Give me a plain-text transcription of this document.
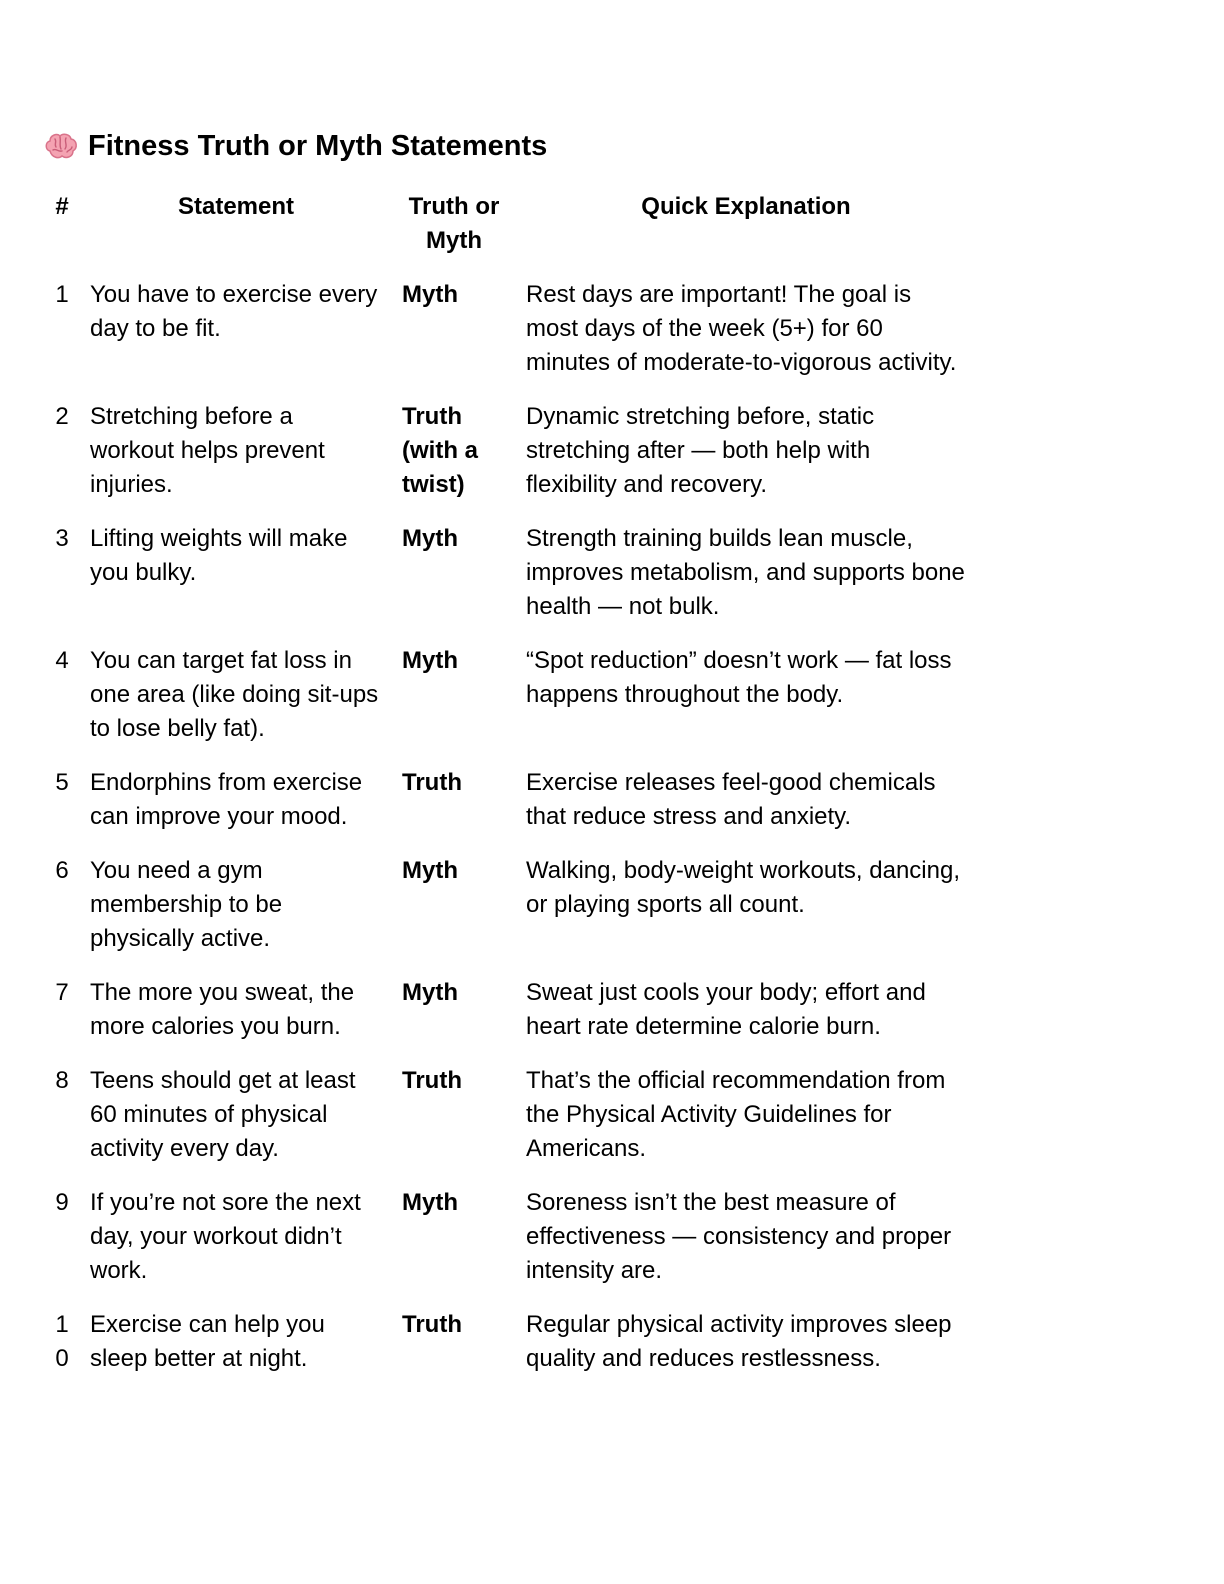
Fitness Truth or Myth Statements
#	Statement	Truth or Myth	Quick Explanation
1	You have to exercise every day to be fit.	Myth	Rest days are important! The goal is most days of the week (5+) for 60 minutes of moderate-to-vigorous activity.
2	Stretching before a workout helps prevent injuries.	Truth (with a twist)	Dynamic stretching before, static stretching after — both help with flexibility and recovery.
3	Lifting weights will make you bulky.	Myth	Strength training builds lean muscle, improves metabolism, and supports bone health — not bulk.
4	You can target fat loss in one area (like doing sit-ups to lose belly fat).	Myth	“Spot reduction” doesn’t work — fat loss happens throughout the body.
5	Endorphins from exercise can improve your mood.	Truth	Exercise releases feel-good chemicals that reduce stress and anxiety.
6	You need a gym membership to be physically active.	Myth	Walking, body-weight workouts, dancing, or playing sports all count.
7	The more you sweat, the more calories you burn.	Myth	Sweat just cools your body; effort and heart rate determine calorie burn.
8	Teens should get at least 60 minutes of physical activity every day.	Truth	That’s the official recommendation from the Physical Activity Guidelines for Americans.
9	If you’re not sore the next day, your workout didn’t work.	Myth	Soreness isn’t the best measure of effectiveness — consistency and proper intensity are.
10	Exercise can help you sleep better at night.	Truth	Regular physical activity improves sleep quality and reduces restlessness.
